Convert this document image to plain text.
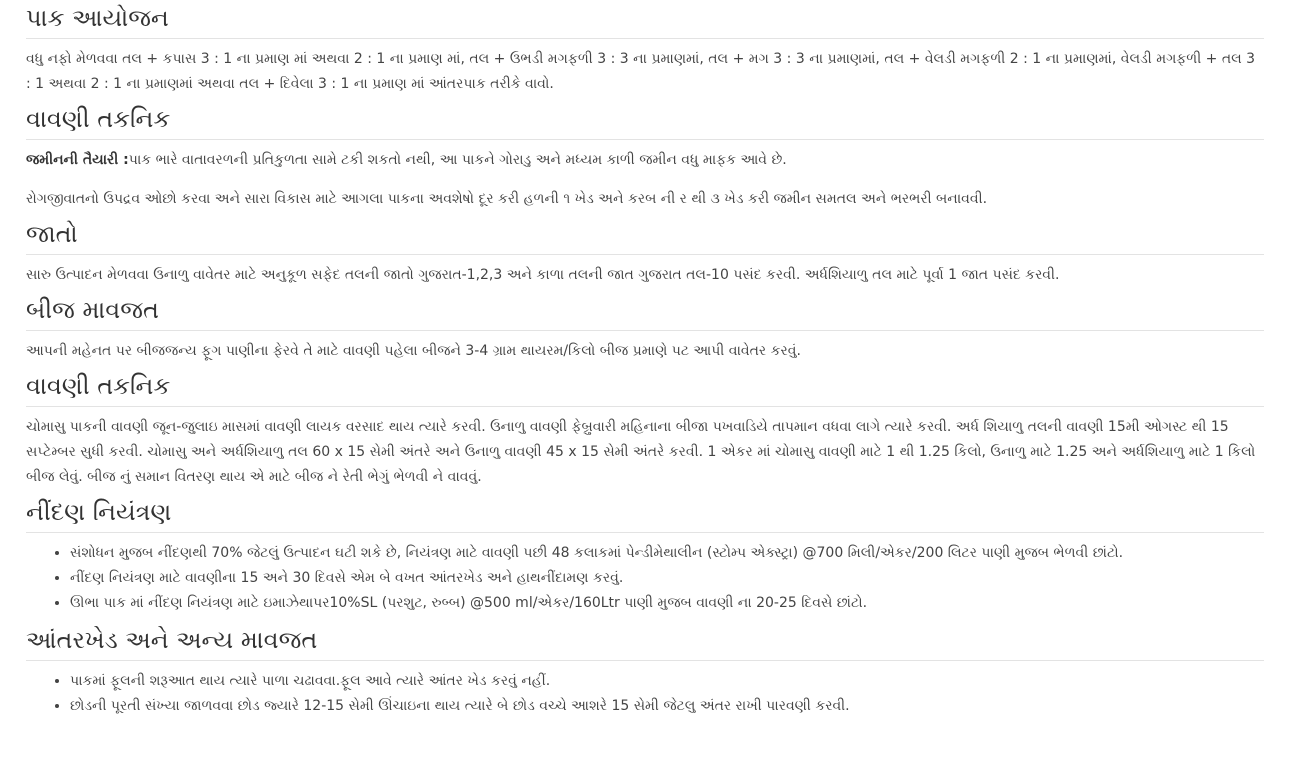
પાક આયોજન

વધુ નફો મેળવવા તલ + કપાસ 3 : 1 ના પ્રમાણ માં અથવા 2 : 1 ના પ્રમાણ માં, તલ + ઉભડી મગફળી 3 : 3 ના પ્રમાણમાં, તલ + મગ 3 : 3 ના પ્રમાણમાં, તલ + વેલડી મગફળી 2 : 1 ના પ્રમાણમાં, વેલડી મગફળી + તલ 3 : 1 અથવા 2 : 1 ના પ્રમાણમાં અથવા તલ + દિવેલા 3 : 1 ના પ્રમાણ માં આંતરપાક તરીકે વાવો.

વાવણી તકનિક

જમીનની તૈયારી :પાક ભારે વાતાવરળની પ્રતિકુળતા સામે ટકી શકતો નથી, આ પાકને ગોરાડુ અને મધ્યમ કાળી જમીન વધુ માફક આવે છે.

રોગજીવાતનો ઉપદ્રવ ઓછો કરવા અને સારા વિકાસ માટે આગલા પાકના અવશેષો દૂર કરી હળની ૧ ખેડ અને કરબ ની ર થી ૩ ખેડ કરી જમીન સમતલ અને ભરભરી બનાવવી.

જાતો

સારુ ઉત્પાદન મેળવવા ઉનાળુ વાવેતર માટે અનુકૂળ સફેદ તલની જાતો ગુજરાત-1,2,3 અને કાળા તલની જાત ગુજરાત તલ-10 પસંદ કરવી. અર્ધશિયાળુ તલ માટે પૂર્વા 1 જાત પસંદ કરવી.

બીજ માવજત

આપની મહેનત પર બીજજન્ય ફૂગ પાણીના ફેરવે તે માટે વાવણી પહેલા બીજને 3-4 ગ્રામ થાયરમ/કિલો બીજ પ્રમાણે પટ આપી વાવેતર કરવું.

વાવણી તકનિક

ચોમાસુ પાકની વાવણી જૂન-જુલાઇ માસમાં વાવણી લાયક વરસાદ થાય ત્યારે કરવી. ઉનાળુ વાવણી ફેબ્રુવારી મહિનાના બીજા પખવાડિયે તાપમાન વધવા લાગે ત્યારે કરવી. અર્ધ શિયાળુ તલની વાવણી 15મી ઓગસ્ટ થી 15 સપ્ટેમ્બર સુધી કરવી. ચોમાસુ અને અર્ધશિયાળુ તલ 60 x 15 સેમી અંતરે અને ઉનાળુ વાવણી 45 x 15 સેમી અંતરે કરવી. 1 એકર માં ચોમાસુ વાવણી માટે 1 થી 1.25 કિલો, ઉનાળુ માટે 1.25 અને અર્ધશિયાળુ માટે 1 કિલો બીજ લેવું. બીજ નું સમાન વિતરણ થાય એ માટે બીજ ને રેતી ભેગું ભેળવી ને વાવવું.

નીંદણ નિયંત્રણ
• સંશોધન મુજબ નીંદણથી 70% જેટલું ઉત્પાદન ઘટી શકે છે, નિયંત્રણ માટે વાવણી પછી 48 કલાકમાં પેન્ડીમેથાલીન (સ્ટોમ્પ એક્સ્ટ્રા) @700 મિલી/એકર/200 લિટર પાણી મુજબ ભેળવી છાંટો.
• નીંદણ નિયંત્રણ માટે વાવણીના 15 અને 30 દિવસે એમ બે વખત આંતરખેડ અને હાથનીંદામણ કરવું.
• ઊભા પાક માં નીંદણ નિયંત્રણ માટે ઇમાઝેથાપર10%SL (પરશુટ, રુબ્બ) @500 ml/એકર/160Ltr પાણી મુજબ વાવણી ના 20-25 દિવસે છાંટો.
આંતરખેડ અને અન્ય માવજત
• પાકમાં ફૂલની શરૂઆત થાય ત્યારે પાળા ચઢાવવા.ફૂલ આવે ત્યારે આંતર ખેડ કરવું નહીં.
• છોડની પૂરતી સંખ્યા જાળવવા છોડ જ્યારે 12-15 સેમી ઊંચાઇના થાય ત્યારે બે છોડ વચ્ચે આશરે 15 સેમી જેટલુ અંતર રાખી પારવણી કરવી.
